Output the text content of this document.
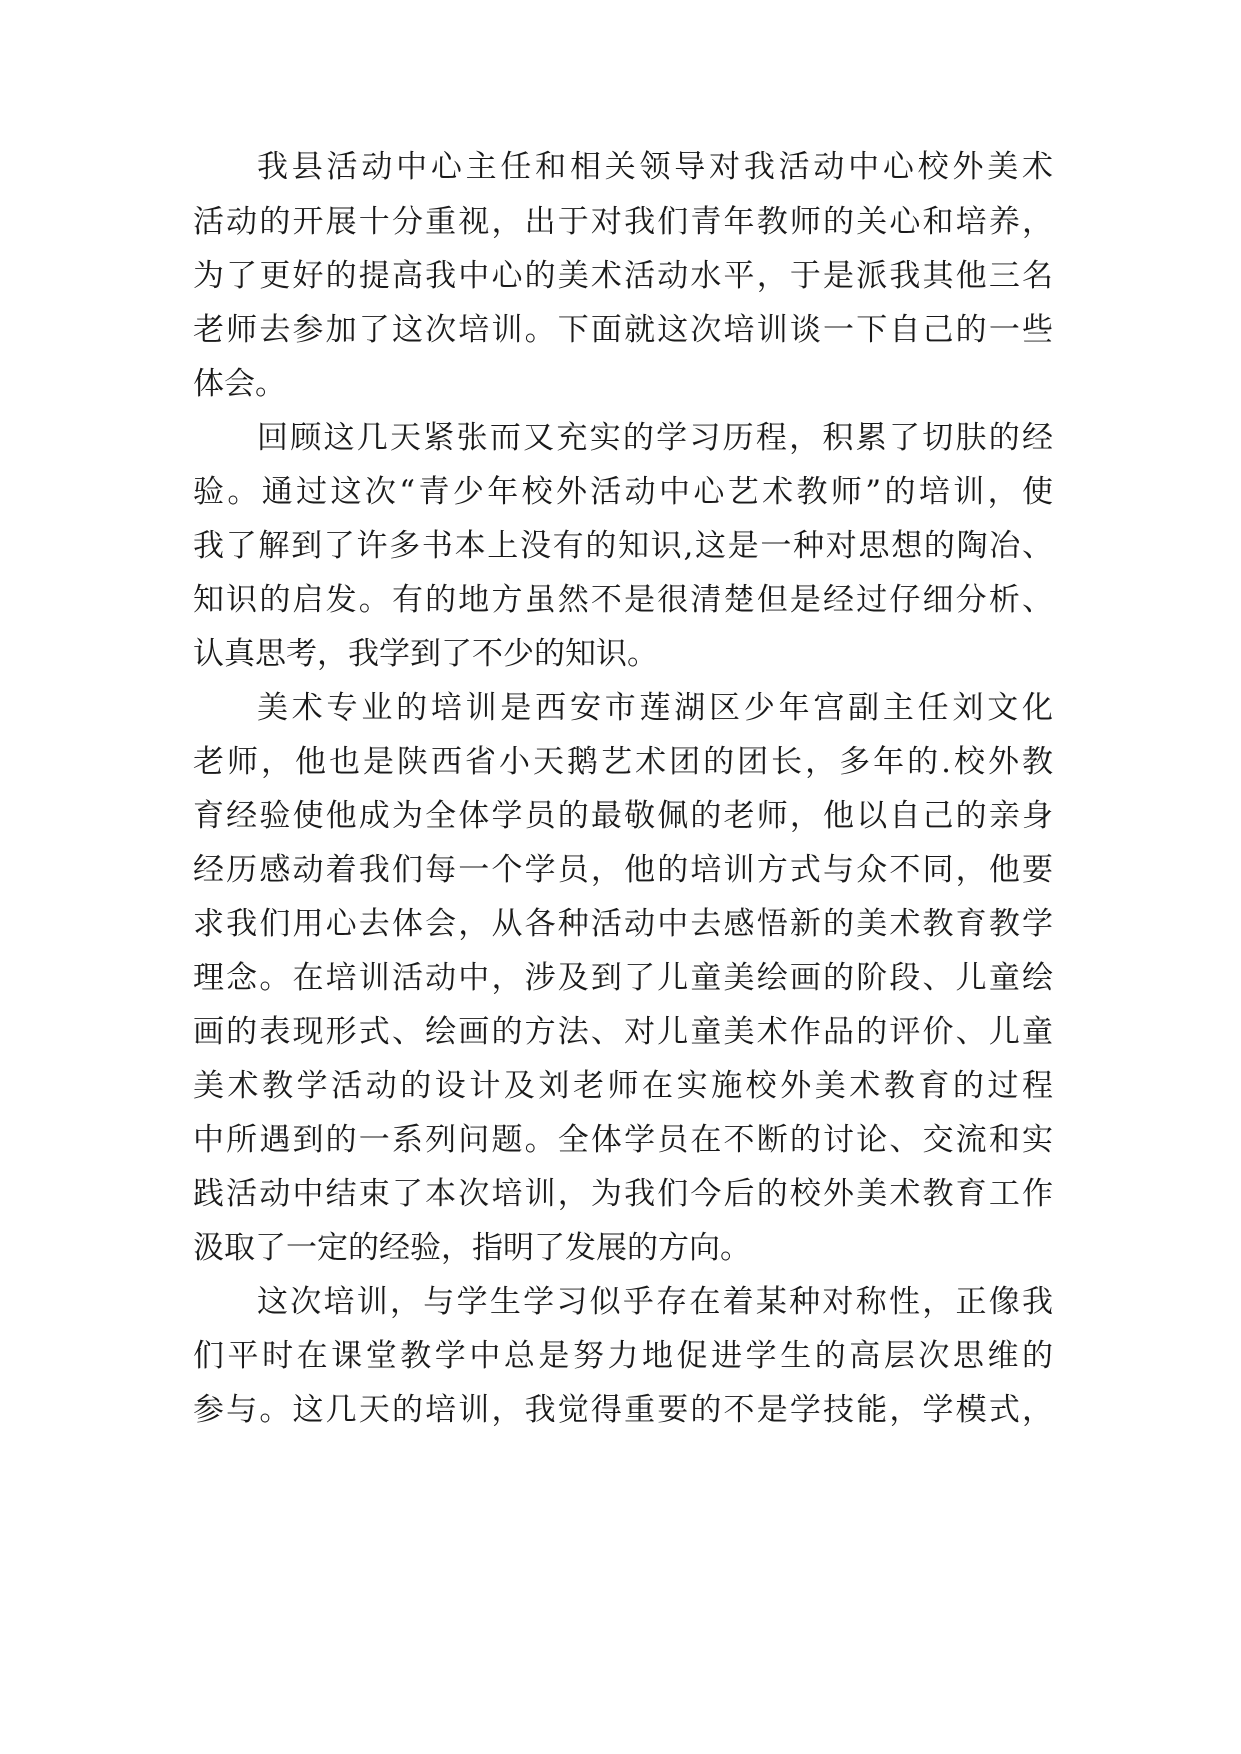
我县活动中心主任和相关领导对我活动中心校外美术
活动的开展十分重视，出于对我们青年教师的关心和培养，
为了更好的提高我中心的美术活动水平，于是派我其他三名
老师去参加了这次培训。下面就这次培训谈一下自己的一些
体会。
回顾这几天紧张而又充实的学习历程，积累了切肤的经
验。通过这次“青少年校外活动中心艺术教师”的培训，使
我了解到了许多书本上没有的知识,这是一种对思想的陶冶、
知识的启发。有的地方虽然不是很清楚但是经过仔细分析、
认真思考，我学到了不少的知识。
美术专业的培训是西安市莲湖区少年宫副主任刘文化
老师，他也是陕西省小天鹅艺术团的团长，多年的.校外教
育经验使他成为全体学员的最敬佩的老师，他以自己的亲身
经历感动着我们每一个学员，他的培训方式与众不同，他要
求我们用心去体会，从各种活动中去感悟新的美术教育教学
理念。在培训活动中，涉及到了儿童美绘画的阶段、儿童绘
画的表现形式、绘画的方法、对儿童美术作品的评价、儿童
美术教学活动的设计及刘老师在实施校外美术教育的过程
中所遇到的一系列问题。全体学员在不断的讨论、交流和实
践活动中结束了本次培训，为我们今后的校外美术教育工作
汲取了一定的经验，指明了发展的方向。
这次培训，与学生学习似乎存在着某种对称性，正像我
们平时在课堂教学中总是努力地促进学生的高层次思维的
参与。这几天的培训，我觉得重要的不是学技能，学模式，
